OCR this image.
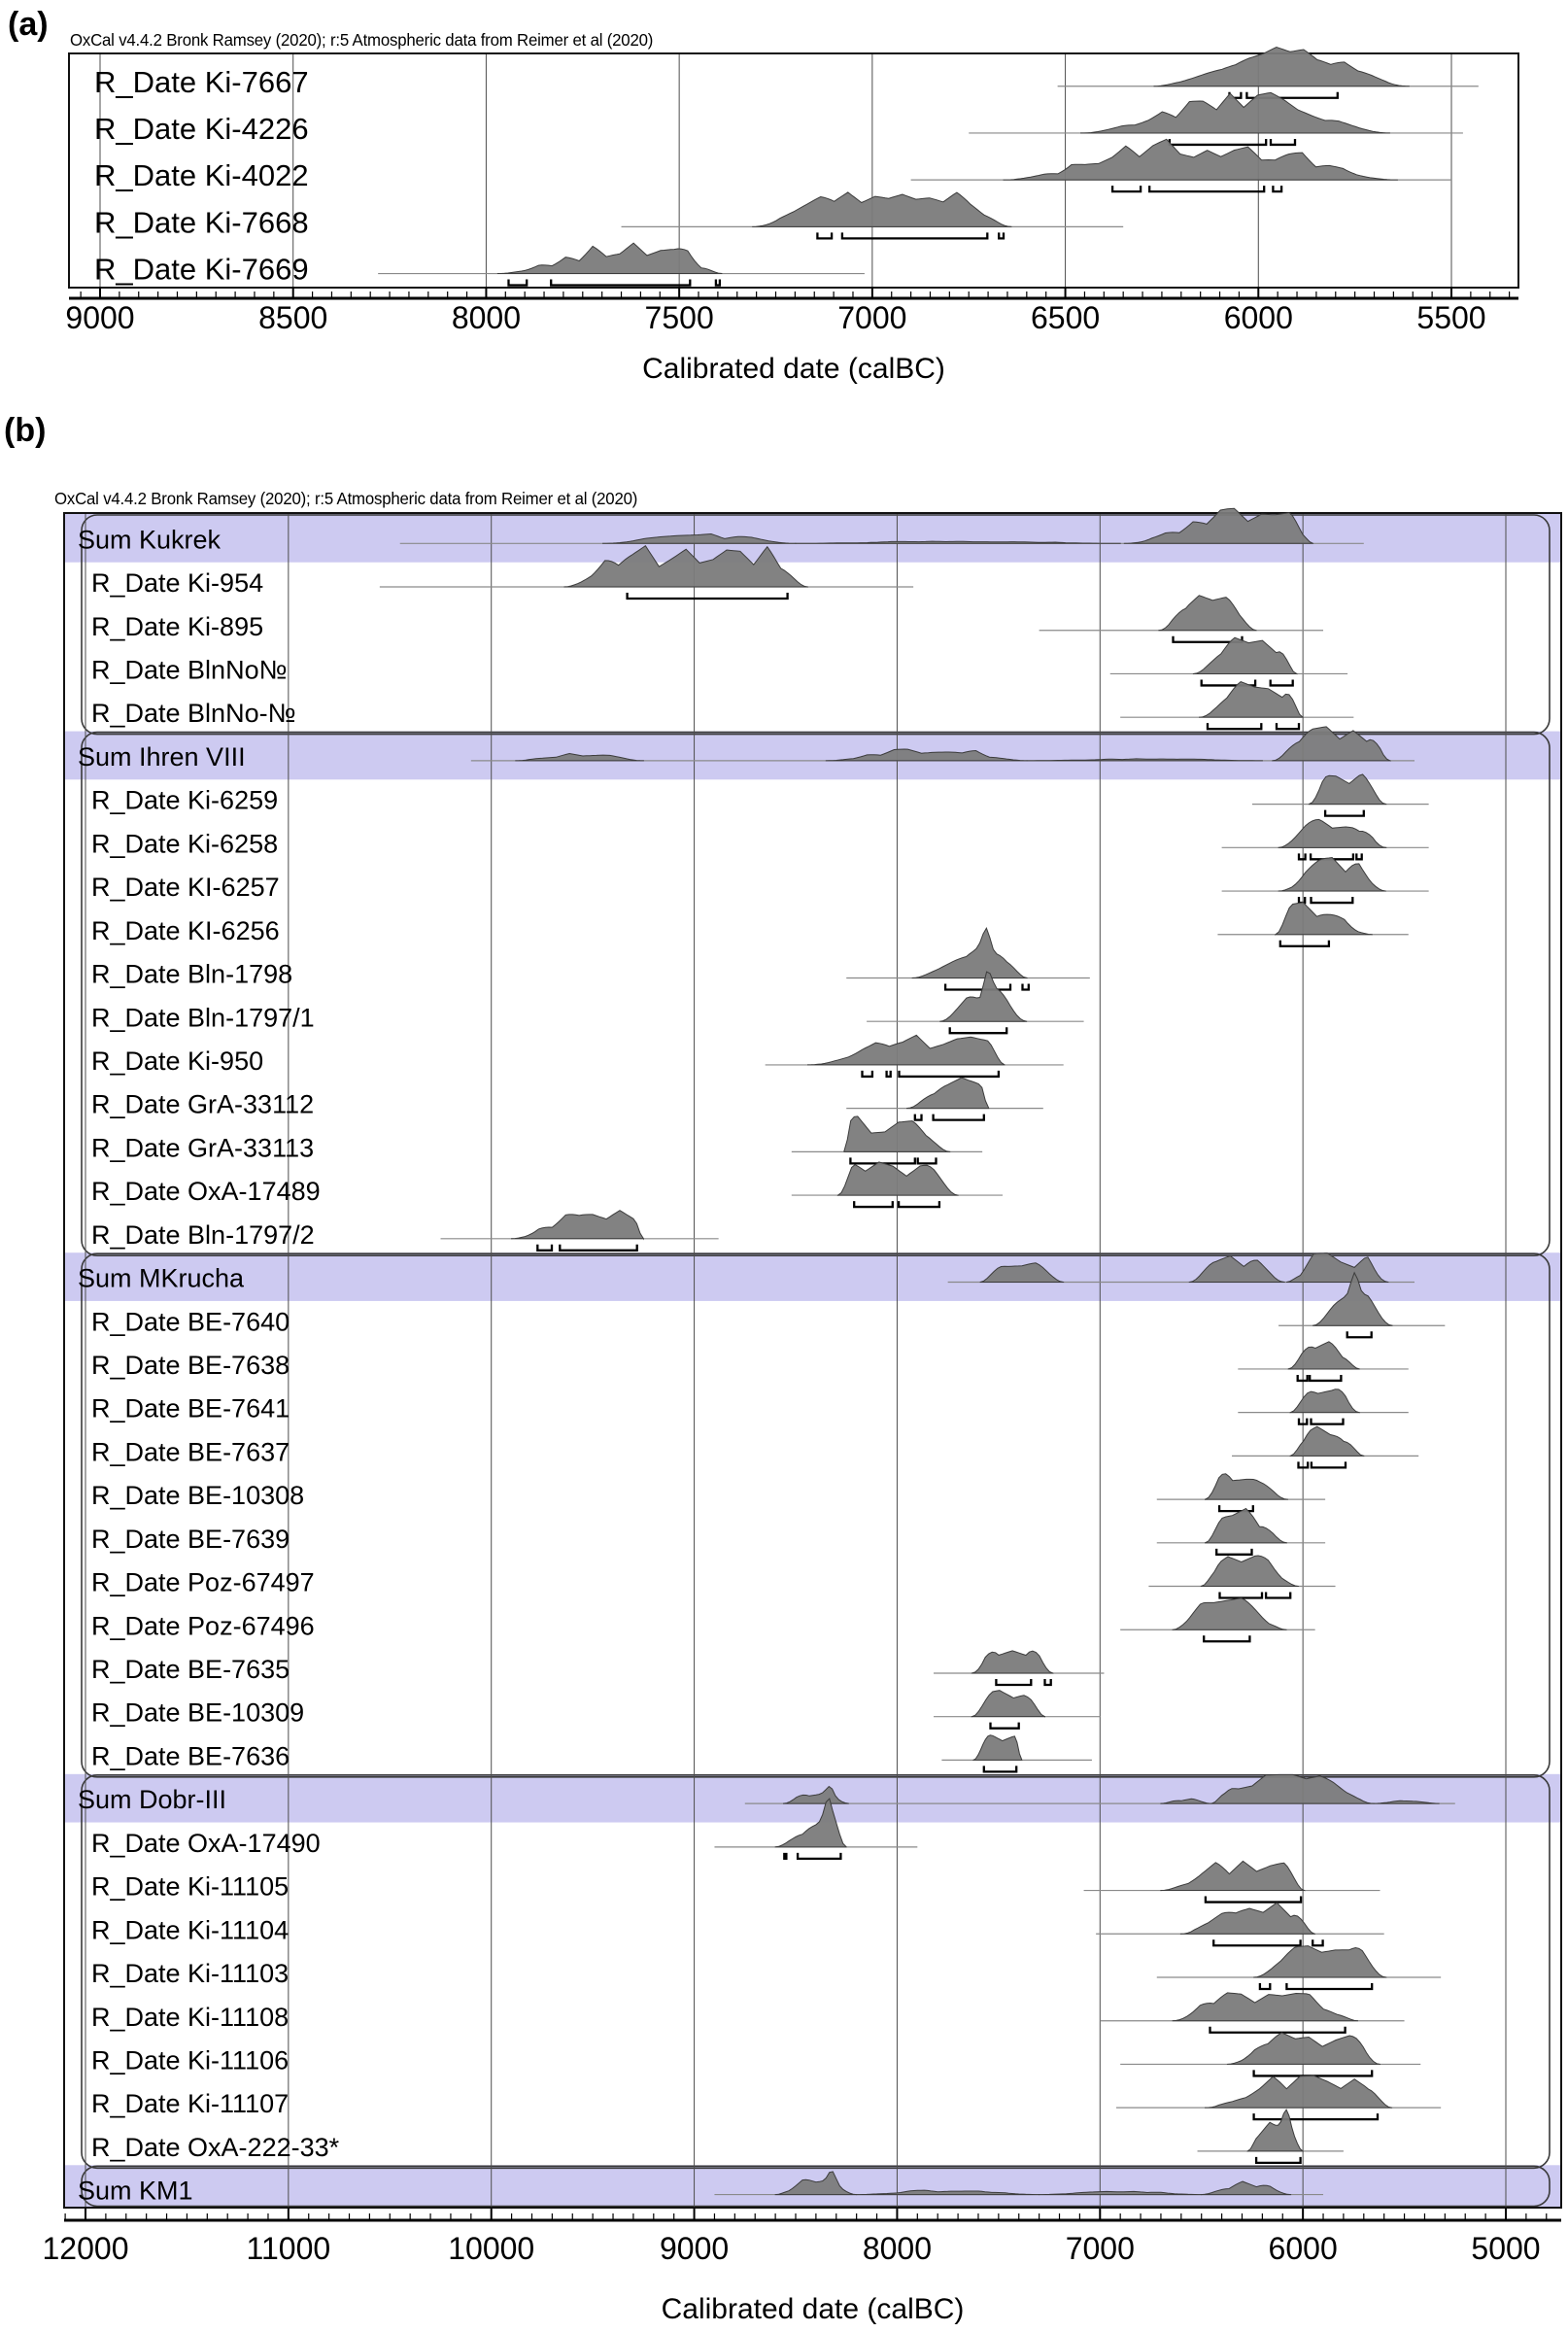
(a) OxCal v4.4.2 Bronk Ramsey (2020); r:5 Atmospheric data from Reimer et al (2020)
(b)
OxCal v4.4.2 Bronk Ramsey (2020); r:5 Atmospheric data from Reimer et al (2020)
9000	8500	8000	7500	7000	6500	6000	5500
Calibrated date (calBC)
R_Date Ki-7667
R_Date Ki-4226
R_Date Ki-4022
R_Date Ki-7668
R_Date Ki-7669
12000	11000	10000	9000	8000	7000	6000	5000
Calibrated date (calBC)
Sum Kukrek
R_Date Ki-954
R_Date Ki-895
R_Date BlnNo№
R_Date BlnNo-№
Sum Ihren VIII
R_Date Ki-6259
R_Date Ki-6258
R_Date KI-6257
R_Date KI-6256
R_Date Bln-1798
R_Date Bln-1797/1
R_Date Ki-950
R_Date GrA-33112
R_Date GrA-33113
R_Date OxA-17489
R_Date Bln-1797/2
Sum MKrucha
R_Date BE-7640
R_Date BE-7638
R_Date BE-7641
R_Date BE-7637
R_Date BE-10308
R_Date BE-7639
R_Date Poz-67497
R_Date Poz-67496
R_Date BE-7635
R_Date BE-10309
R_Date BE-7636
Sum Dobr-III
R_Date OxA-17490
R_Date Ki-11105
R_Date Ki-11104
R_Date Ki-11103
R_Date Ki-11108
R_Date Ki-11106
R_Date Ki-11107
R_Date OxA-222-33*
Sum KM1
